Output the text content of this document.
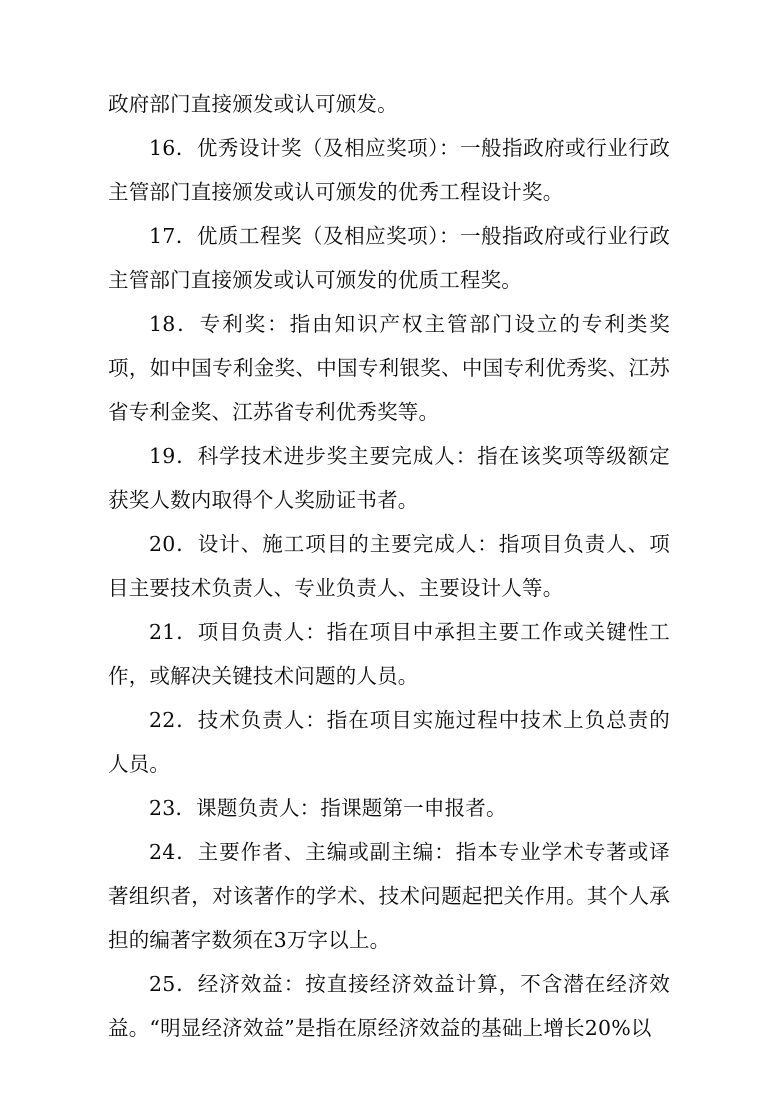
政府部门直接颁发或认可颁发。

16．优秀设计奖（及相应奖项）：一般指政府或行业行政主管部门直接颁发或认可颁发的优秀工程设计奖。

17．优质工程奖（及相应奖项）：一般指政府或行业行政主管部门直接颁发或认可颁发的优质工程奖。

18．专利奖：指由知识产权主管部门设立的专利类奖项，如中国专利金奖、中国专利银奖、中国专利优秀奖、江苏省专利金奖、江苏省专利优秀奖等。

19．科学技术进步奖主要完成人：指在该奖项等级额定获奖人数内取得个人奖励证书者。

20．设计、施工项目的主要完成人：指项目负责人、项目主要技术负责人、专业负责人、主要设计人等。

21．项目负责人：指在项目中承担主要工作或关键性工作，或解决关键技术问题的人员。

22．技术负责人：指在项目实施过程中技术上负总责的人员。

23．课题负责人：指课题第一申报者。

24．主要作者、主编或副主编：指本专业学术专著或译著组织者，对该著作的学术、技术问题起把关作用。其个人承担的编著字数须在3万字以上。

25．经济效益：按直接经济效益计算，不含潜在经济效益。“明显经济效益”是指在原经济效益的基础上增长20%以
